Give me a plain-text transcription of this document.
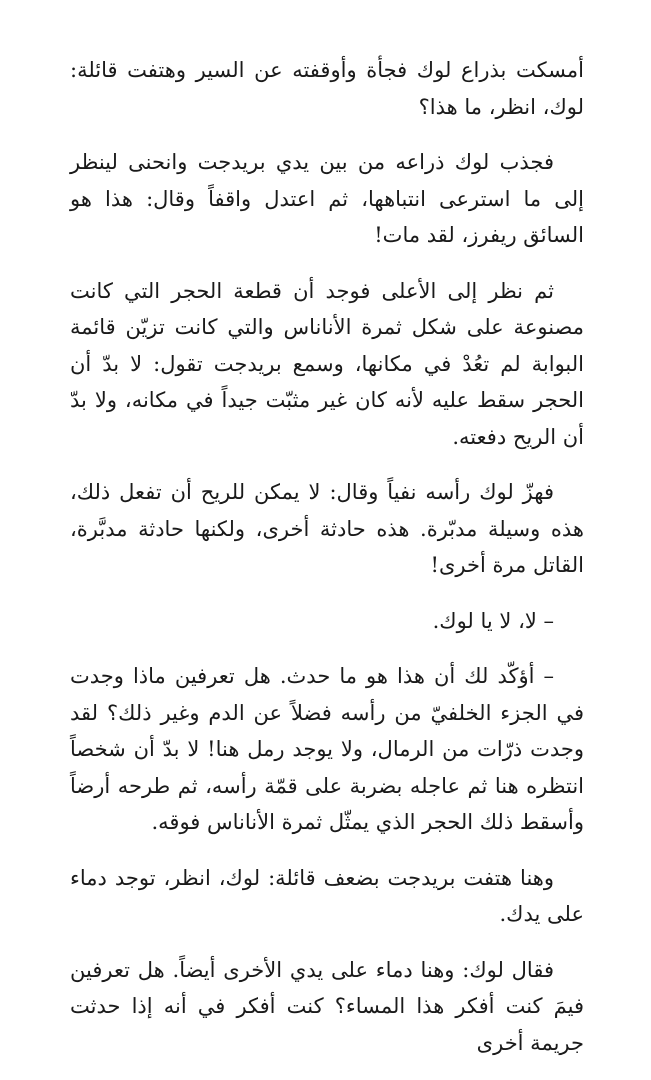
أمسكت بذراع لوك فجأة وأوقفته عن السير وهتفت قائلة: لوك، انظر، ما هذا؟

فجذب لوك ذراعه من بين يدي بريدجت وانحنى لينظر إلى ما استرعى انتباهها، ثم اعتدل واقفاً وقال: هذا هو السائق ريفرز، لقد مات!

ثم نظر إلى الأعلى فوجد أن قطعة الحجر التي كانت مصنوعة على شكل ثمرة الأناناس والتي كانت تزيّن قائمة البوابة لم تعُدْ في مكانها، وسمع بريدجت تقول: لا بدّ أن الحجر سقط عليه لأنه كان غير مثبّت جيداً في مكانه، ولا بدّ أن الريح دفعته.

فهزّ لوك رأسه نفياً وقال: لا يمكن للريح أن تفعل ذلك، هذه وسيلة مدبّرة. هذه حادثة أخرى، ولكنها حادثة مدبَّرة، القاتل مرة أخرى!

– لا، لا يا لوك.

– أؤكّد لك أن هذا هو ما حدث. هل تعرفين ماذا وجدت في الجزء الخلفيّ من رأسه فضلاً عن الدم وغير ذلك؟ لقد وجدت ذرّات من الرمال، ولا يوجد رمل هنا! لا بدّ أن شخصاً انتظره هنا ثم عاجله بضربة على قمّة رأسه، ثم طرحه أرضاً وأسقط ذلك الحجر الذي يمثّل ثمرة الأناناس فوقه.

وهنا هتفت بريدجت بضعف قائلة: لوك، انظر، توجد دماء على يدك.

فقال لوك: وهنا دماء على يدي الأخرى أيضاً. هل تعرفين فيمَ كنت أفكر هذا المساء؟ كنت أفكر في أنه إذا حدثت جريمة أخرى
